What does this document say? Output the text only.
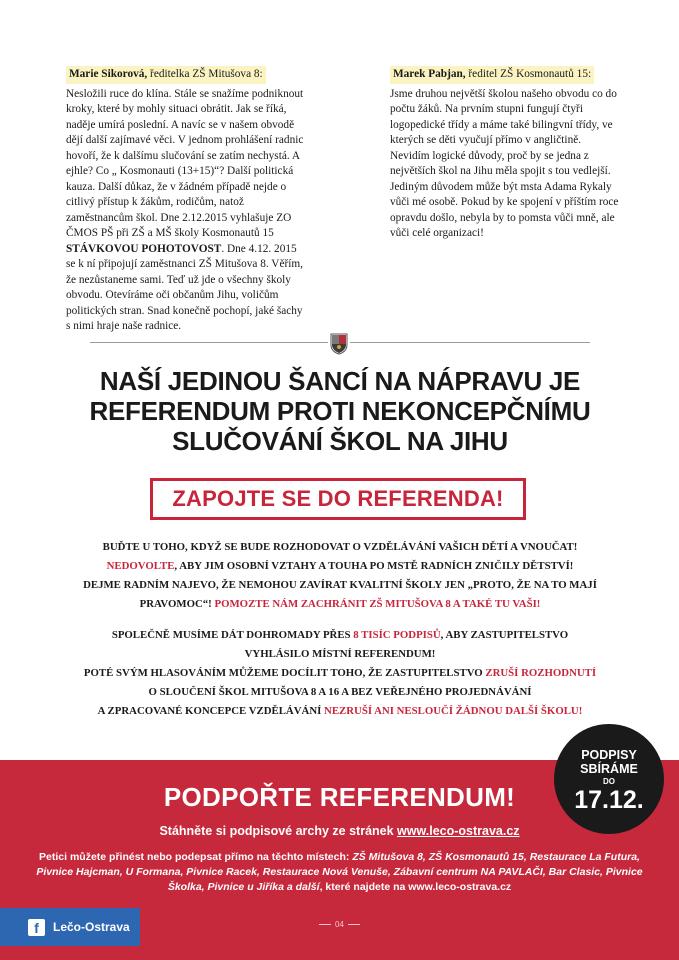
Marie Sikorová, ředitelka ZŠ Mitušova 8:

Nesložili ruce do klína. Stále se snažíme podniknout kroky, které by mohly situaci obrátit. Jak se říká, naděje umírá poslední. A navíc se v našem obvodě dějí další zajímavé věci. V jednom prohlášení radnic hovoří, že k dalšímu slučování se zatím nechystá. A ejhle? Co „ Kosmonauti (13+15)“? Další politická kauza. Další důkaz, že v žádném případě nejde o citlivý přístup k žákům, rodičům, natož zaměstnancům škol. Dne 2.12.2015 vyhlašuje ZO ČMOS PŠ při ZŠ a MŠ školy Kosmonautů 15 STÁVKOVOU POHOTOVOST. Dne 4.12. 2015 se k ní připojují zaměstnanci ZŠ Mitušova 8. Věřím, že nezůstaneme sami. Teď už jde o všechny školy obvodu. Otevíráme oči občanům Jihu, voličům politických stran. Snad konečně pochopí, jaké šachy s nimi hraje naše radnice.

Marek Pabjan, ředitel ZŠ Kosmonautů 15:

Jsme druhou největší školou našeho obvodu co do počtu žáků. Na prvním stupni fungují čtyři logopedické třídy a máme také bilingvní třídy, ve kterých se děti vyučují přímo v angličtině. Nevidím logické důvody, proč by se jedna z největších škol na Jihu měla spojit s tou vedlejší. Jediným důvodem může být msta Adama Rykaly vůči mé osobě. Pokud by ke spojení v příštím roce opravdu došlo, nebyla by to pomsta vůči mně, ale vůči celé organizaci!

NAŠÍ JEDINOU ŠANCÍ NA NÁPRAVU JE
REFERENDUM PROTI NEKONCEPČNÍMU
SLUČOVÁNÍ ŠKOL NA JIHU
ZAPOJTE SE DO REFERENDA!
BUĎTE U TOHO, KDYŽ SE BUDE ROZHODOVAT O VZDĚLÁVÁNÍ VAŠICH DĚTÍ A VNOUČAT!
NEDOVOLTE, ABY JIM OSOBNÍ VZTAHY A TOUHA PO MSTĚ RADNÍCH ZNIČILY DĚTSTVÍ!
DEJME RADNÍM NAJEVO, ŽE NEMOHOU ZAVÍRAT KVALITNÍ ŠKOLY JEN „PROTO, ŽE NA TO MAJÍ
PRAVOMOC“! POMOZTE NÁM ZACHRÁNIT ZŠ MITUŠOVA 8 A TAKÉ TU VAŠI!
SPOLEČNĚ MUSÍME DÁT DOHROMADY PŘES 8 TISÍC PODPISŮ, ABY ZASTUPITELSTVO
VYHLÁSILO MÍSTNÍ REFERENDUM!
POTÉ SVÝM HLASOVÁNÍM MŮŽEME DOCÍLIT TOHO, ŽE ZASTUPITELSTVO ZRUŠÍ ROZHODNUTÍ
O SLOUČENÍ ŠKOL MITUŠOVA 8 A 16 A BEZ VEŘEJNÉHO PROJEDNÁVÁNÍ
A ZPRACOVANÉ KONCEPCE VZDĚLÁVÁNÍ NEZRUŠÍ ANI NESLOUČÍ ŽÁDNOU DALŠÍ ŠKOLU!
PODPOŘTE REFERENDUM!
Stáhněte si podpisové archy ze stránek www.leco-ostrava.cz
Petici můžete přinést nebo podepsat přímo na těchto místech: ZŠ Mitušova 8, ZŠ Kosmonautů 15, Restaurace La Futura, Pivnice Hajcman, U Formana, Pivnice Racek, Restaurace Nová Venuše, Zábavní centrum NA PAVLAČI, Bar Clasic, Pivnice Školka, Pivnice u Jiříka a další, které najdete na www.leco-ostrava.cz
PODPISY
SBÍRÁME
DO
17.12.
f	Lečo-Ostrava	04
